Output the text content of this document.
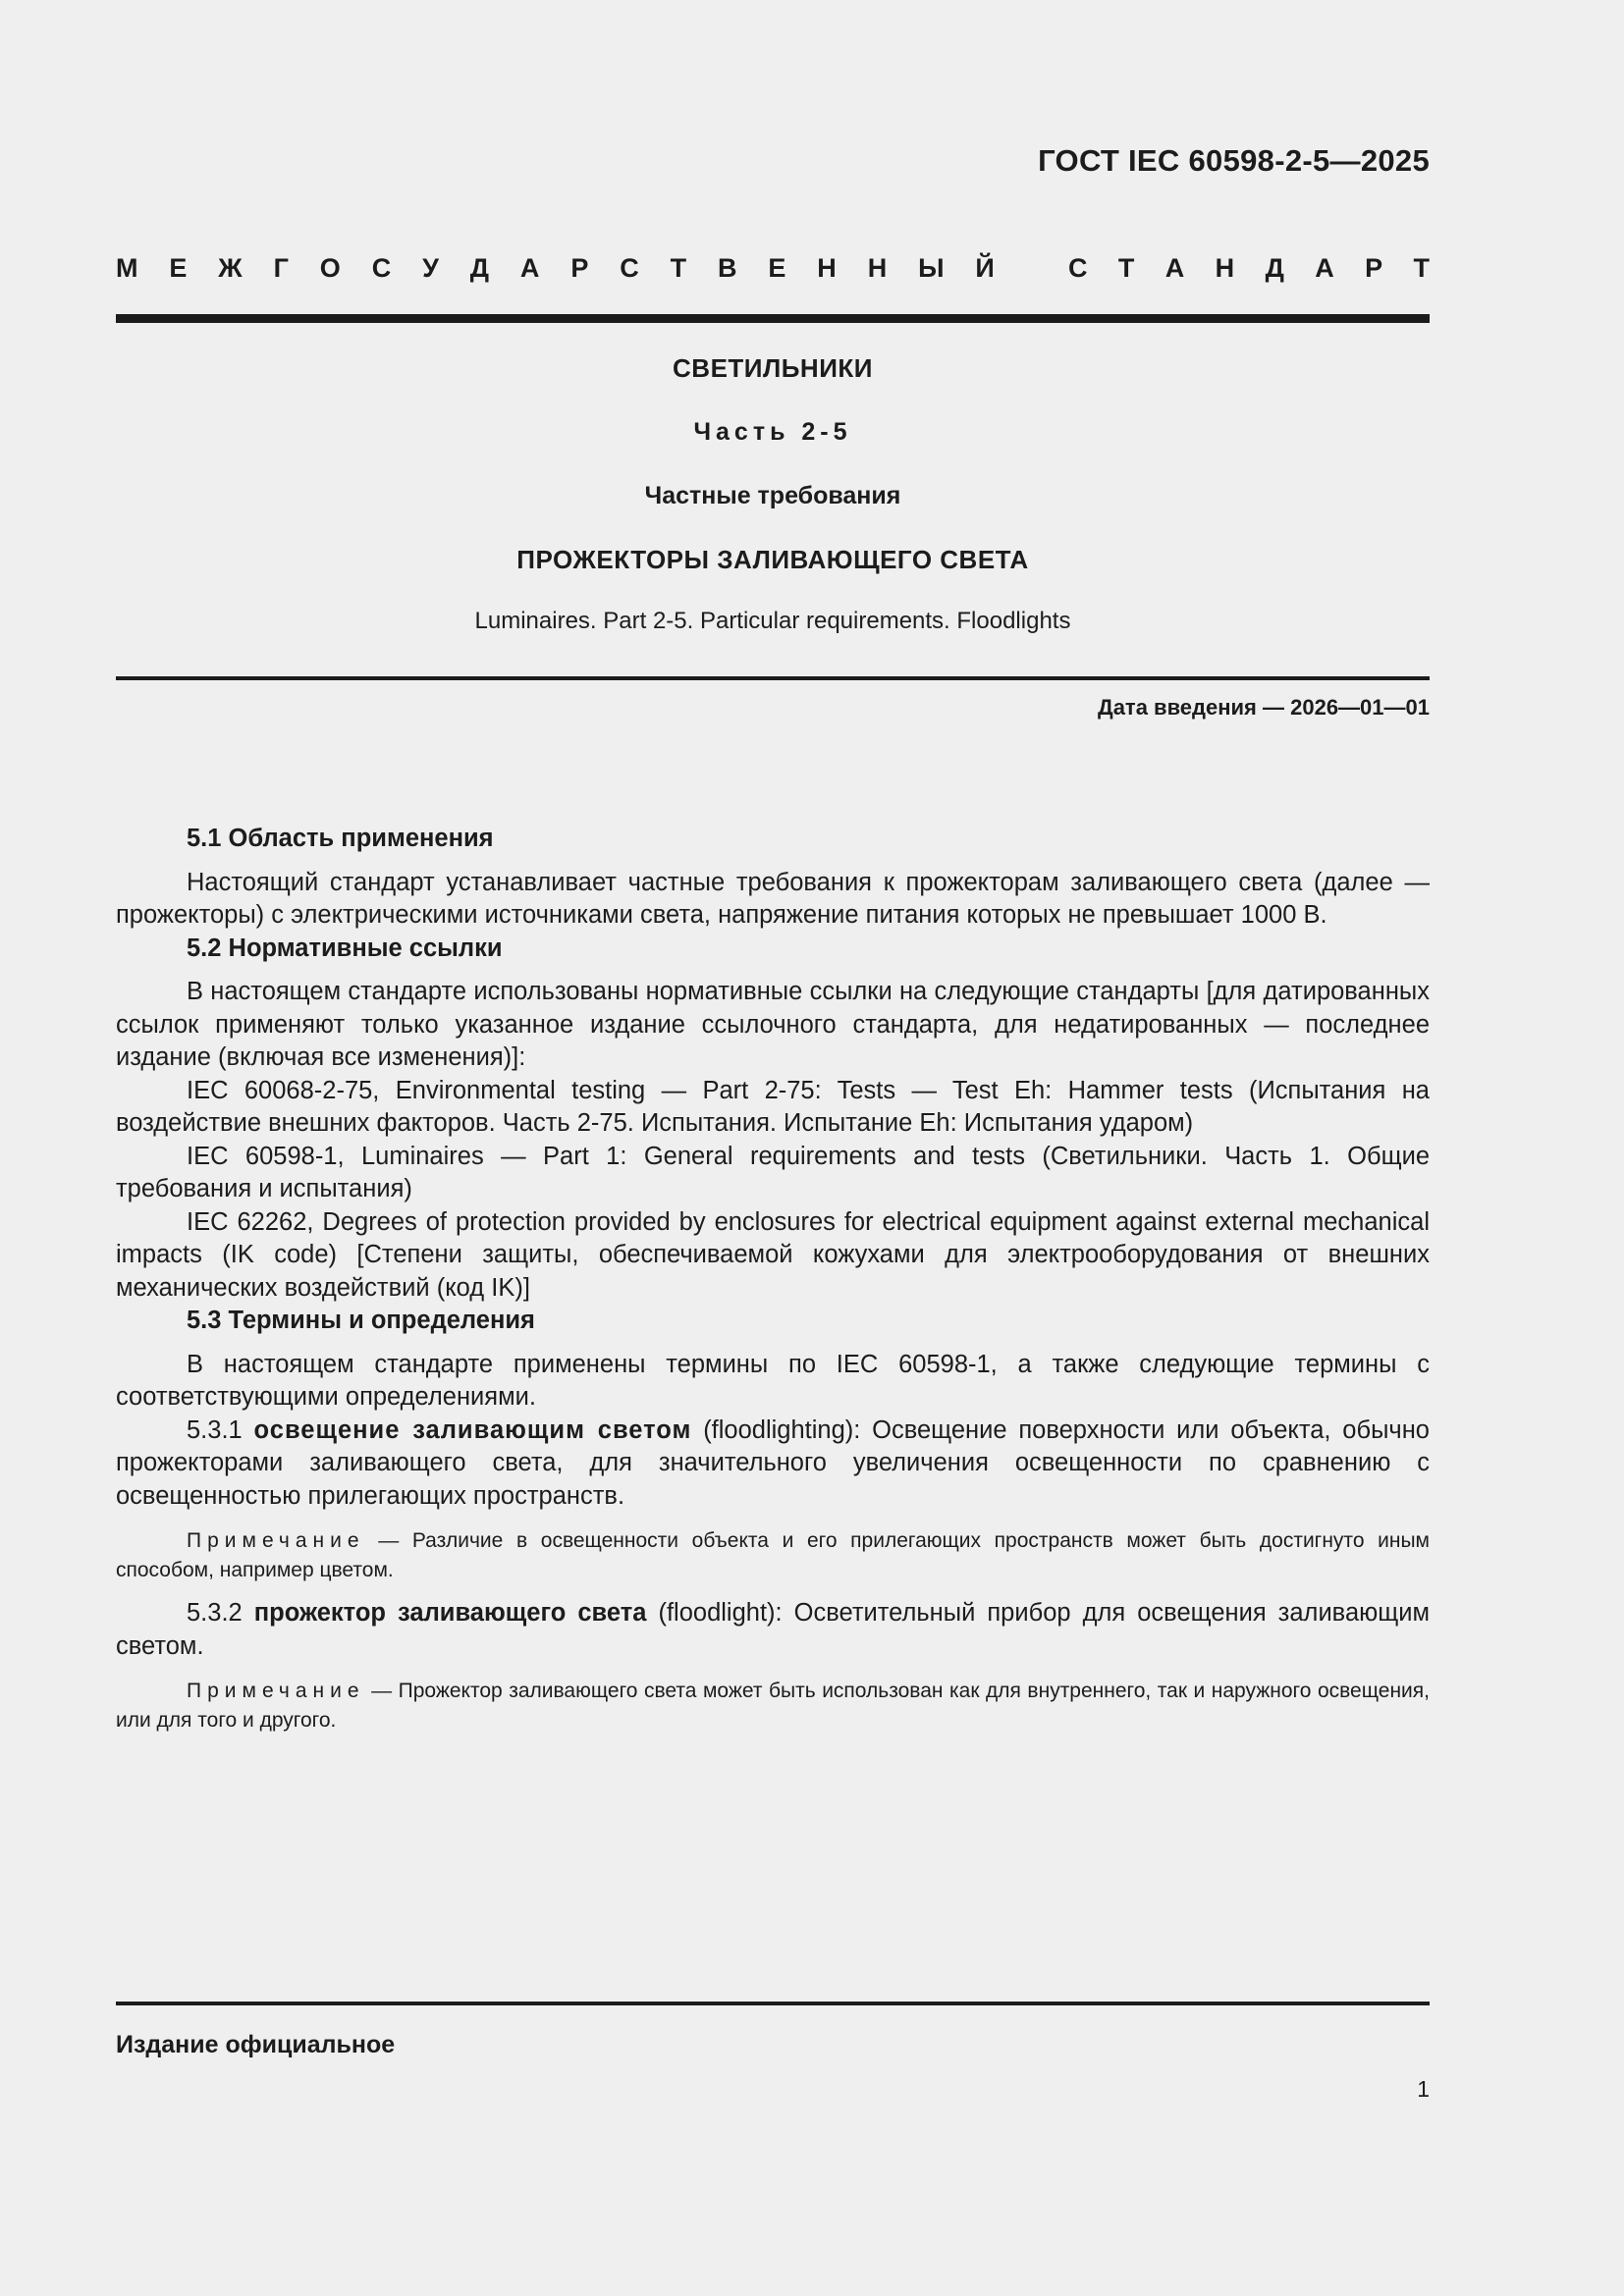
ГОСТ IEC 60598-2-5—2025
М Е Ж Г О С У Д А Р С Т В Е Н Н Ы Й	С Т А Н Д А Р Т
СВЕТИЛЬНИКИ
Часть 2-5
Частные требования
ПРОЖЕКТОРЫ ЗАЛИВАЮЩЕГО СВЕТА
Luminaires. Part 2-5. Particular requirements. Floodlights
Дата введения — 2026—01—01

5.1 Область применения

Настоящий стандарт устанавливает частные требования к прожекторам заливающего света (далее — прожекторы) с электрическими источниками света, напряжение питания которых не превышает 1000 В.

5.2 Нормативные ссылки

В настоящем стандарте использованы нормативные ссылки на следующие стандарты [для датированных ссылок применяют только указанное издание ссылочного стандарта, для недатированных — последнее издание (включая все изменения)]:

IEC 60068-2-75, Environmental testing — Part 2-75: Tests — Test Eh: Hammer tests (Испытания на воздействие внешних факторов. Часть 2-75. Испытания. Испытание Eh: Испытания ударом)

IEC 60598-1, Luminaires — Part 1: General requirements and tests (Светильники. Часть 1. Общие требования и испытания)

IEC 62262, Degrees of protection provided by enclosures for electrical equipment against external mechanical impacts (IK code) [Степени защиты, обеспечиваемой кожухами для электрооборудования от внешних механических воздействий (код IK)]

5.3 Термины и определения

В настоящем стандарте применены термины по IEC 60598-1, а также следующие термины с соответствующими определениями.

5.3.1 освещение заливающим светом (floodlighting): Освещение поверхности или объекта, обычно прожекторами заливающего света, для значительного увеличения освещенности по сравнению с освещенностью прилегающих пространств.

Примечание — Различие в освещенности объекта и его прилегающих пространств может быть достигнуто иным способом, например цветом.

5.3.2 прожектор заливающего света (floodlight): Осветительный прибор для освещения заливающим светом.

Примечание — Прожектор заливающего света может быть использован как для внутреннего, так и наружного освещения, или для того и другого.

Издание официальное
1
